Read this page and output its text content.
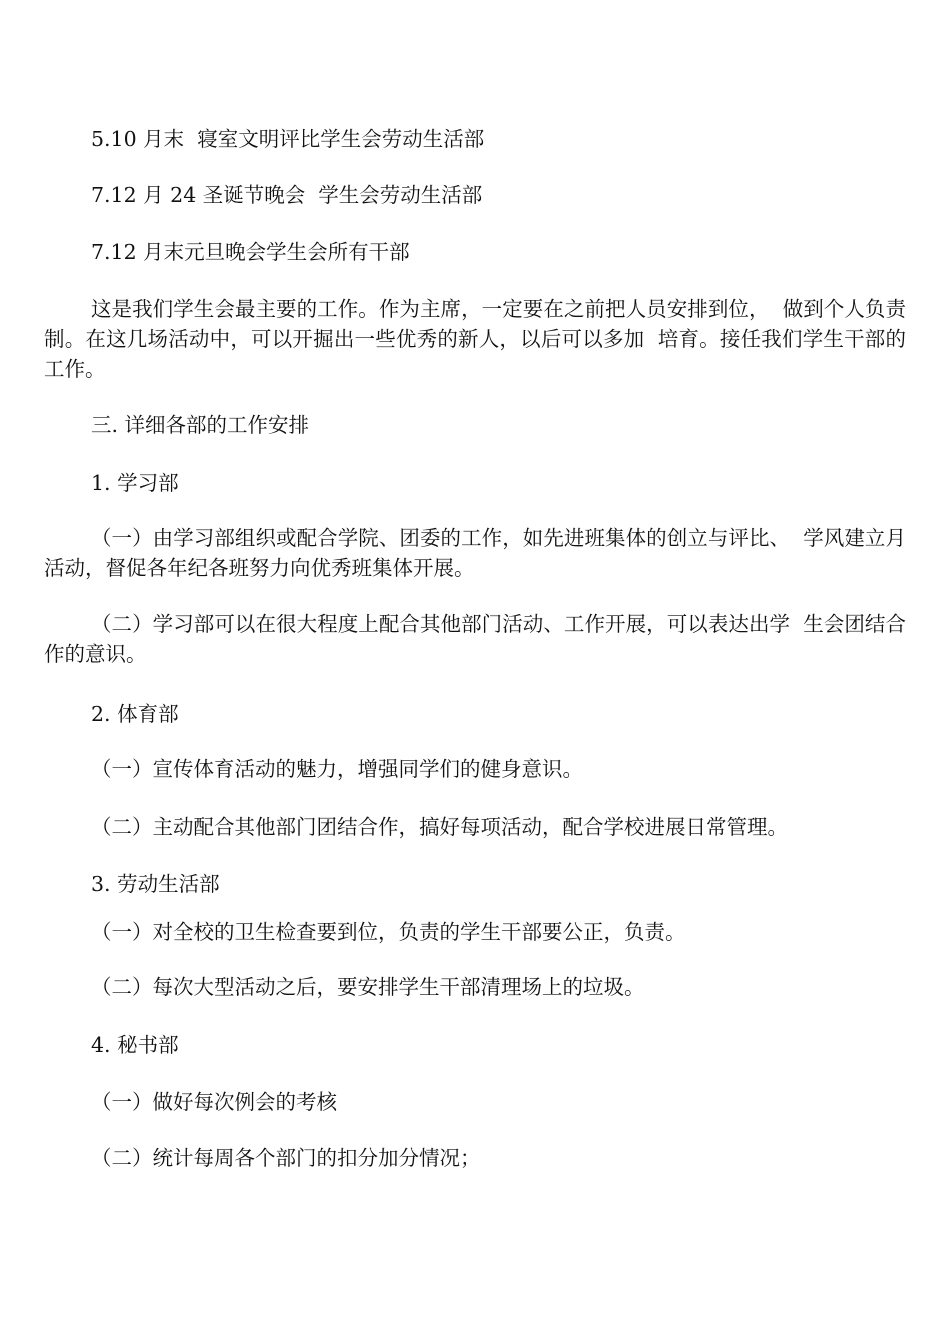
5.10 月末  寝室文明评比学生会劳动生活部

7.12 月 24 圣诞节晚会  学生会劳动生活部

7.12 月末元旦晚会学生会所有干部

这是我们学生会最主要的工作。作为主席，一定要在之前把人员安排到位，  做到个人负责制。在这几场活动中，可以开掘出一些优秀的新人，以后可以多加  培育。接任我们学生干部的工作。

三. 详细各部的工作安排

1. 学习部

（一）由学习部组织或配合学院、团委的工作，如先进班集体的创立与评比、  学风建立月活动，督促各年纪各班努力向优秀班集体开展。

（二）学习部可以在很大程度上配合其他部门活动、工作开展，可以表达出学  生会团结合作的意识。

2. 体育部

（一）宣传体育活动的魅力，增强同学们的健身意识。

（二）主动配合其他部门团结合作，搞好每项活动，配合学校进展日常管理。

3. 劳动生活部

（一）对全校的卫生检查要到位，负责的学生干部要公正，负责。

（二）每次大型活动之后，要安排学生干部清理场上的垃圾。

4. 秘书部

（一）做好每次例会的考核

（二）统计每周各个部门的扣分加分情况；
